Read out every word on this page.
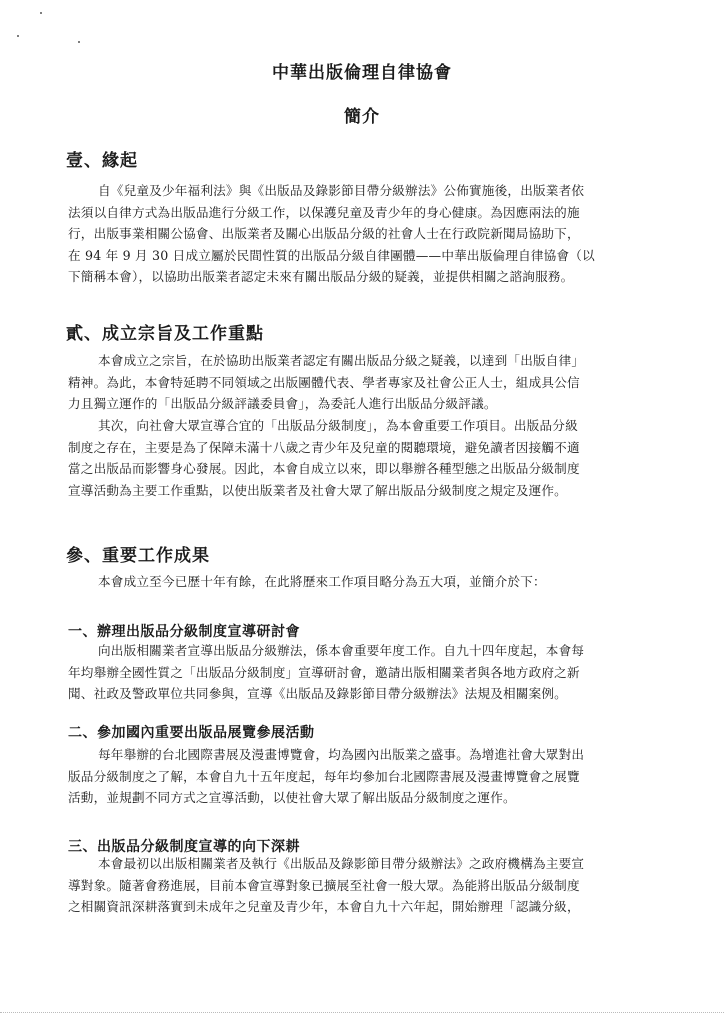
中華出版倫理自律協會
簡介
壹、緣起
自《兒童及少年福利法》與《出版品及錄影節目帶分級辦法》公佈實施後，出版業者依
法須以自律方式為出版品進行分級工作，以保護兒童及青少年的身心健康。為因應兩法的施
行，出版事業相關公協會、出版業者及關心出版品分級的社會人士在行政院新聞局協助下，
在 94 年 9 月 30 日成立屬於民間性質的出版品分級自律團體——中華出版倫理自律協會（以
下簡稱本會），以協助出版業者認定未來有關出版品分級的疑義，並提供相關之諮詢服務。
貳、成立宗旨及工作重點
本會成立之宗旨，在於協助出版業者認定有關出版品分級之疑義，以達到「出版自律」
精神。為此，本會特延聘不同領域之出版團體代表、學者專家及社會公正人士，組成具公信
力且獨立運作的「出版品分級評議委員會」，為委託人進行出版品分級評議。
其次，向社會大眾宣導合宜的「出版品分級制度」，為本會重要工作項目。出版品分級
制度之存在，主要是為了保障未滿十八歲之青少年及兒童的閱聽環境，避免讀者因接觸不適
當之出版品而影響身心發展。因此，本會自成立以來，即以舉辦各種型態之出版品分級制度
宣導活動為主要工作重點，以使出版業者及社會大眾了解出版品分級制度之規定及運作。
參、重要工作成果
本會成立至今已歷十年有餘，在此將歷來工作項目略分為五大項，並簡介於下：
一、辦理出版品分級制度宣導研討會
向出版相關業者宣導出版品分級辦法，係本會重要年度工作。自九十四年度起，本會每
年均舉辦全國性質之「出版品分級制度」宣導研討會，邀請出版相關業者與各地方政府之新
聞、社政及警政單位共同參與，宣導《出版品及錄影節目帶分級辦法》法規及相關案例。
二、參加國內重要出版品展覽參展活動
每年舉辦的台北國際書展及漫畫博覽會，均為國內出版業之盛事。為增進社會大眾對出
版品分級制度之了解，本會自九十五年度起，每年均參加台北國際書展及漫畫博覽會之展覽
活動，並規劃不同方式之宣導活動，以使社會大眾了解出版品分級制度之運作。
三、出版品分級制度宣導的向下深耕
本會最初以出版相關業者及執行《出版品及錄影節目帶分級辦法》之政府機構為主要宣
導對象。隨著會務進展，目前本會宣導對象已擴展至社會一般大眾。為能將出版品分級制度
之相關資訊深耕落實到未成年之兒童及青少年，本會自九十六年起，開始辦理「認識分級，
